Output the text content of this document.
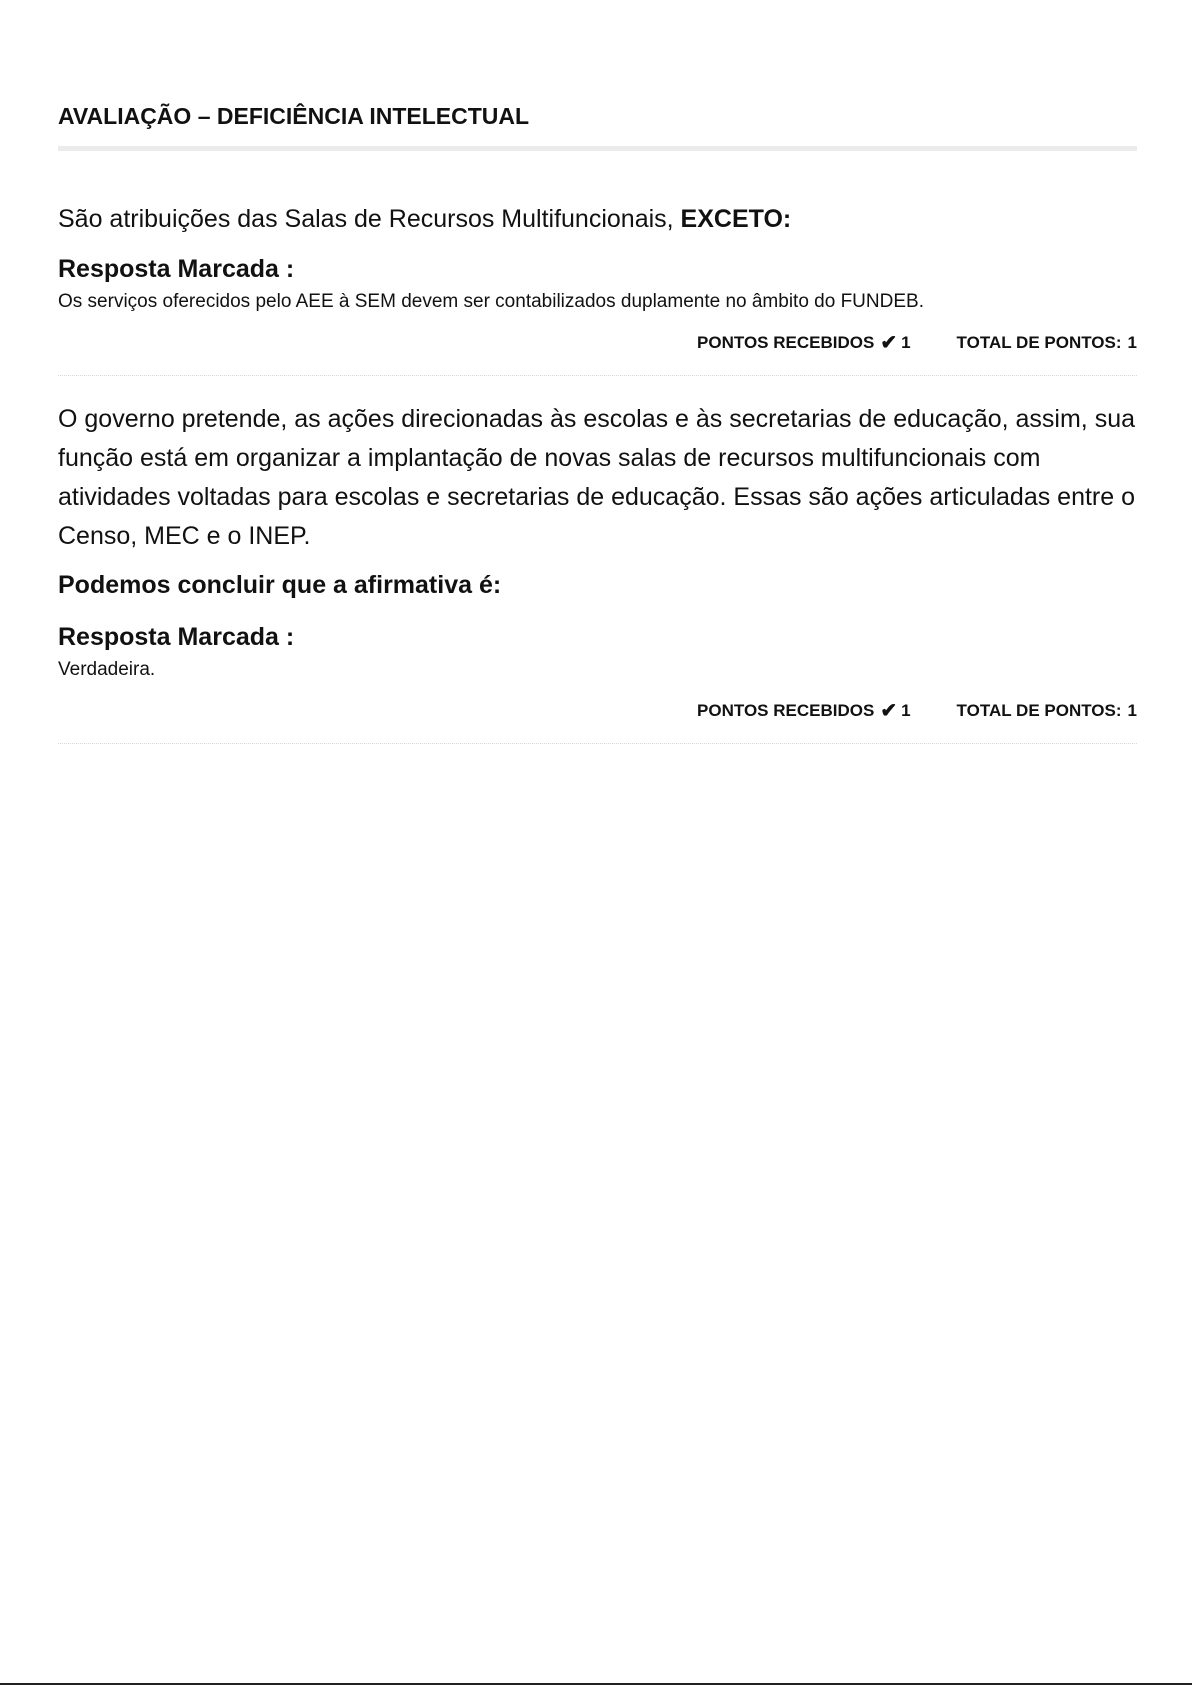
AVALIAÇÃO – DEFICIÊNCIA INTELECTUAL

São atribuições das Salas de Recursos Multifuncionais, EXCETO:

Resposta Marcada :

Os serviços oferecidos pelo AEE à SEM devem ser contabilizados duplamente no âmbito do FUNDEB.

PONTOS RECEBIDOS ✔ 1	TOTAL DE PONTOS: 1

O governo pretende, as ações direcionadas às escolas e às secretarias de educação, assim, sua função está em organizar a implantação de novas salas de recursos multifuncionais com atividades voltadas para escolas e secretarias de educação. Essas são ações articuladas entre o Censo, MEC e o INEP.

Podemos concluir que a afirmativa é:

Resposta Marcada :

Verdadeira.

PONTOS RECEBIDOS ✔ 1	TOTAL DE PONTOS: 1
